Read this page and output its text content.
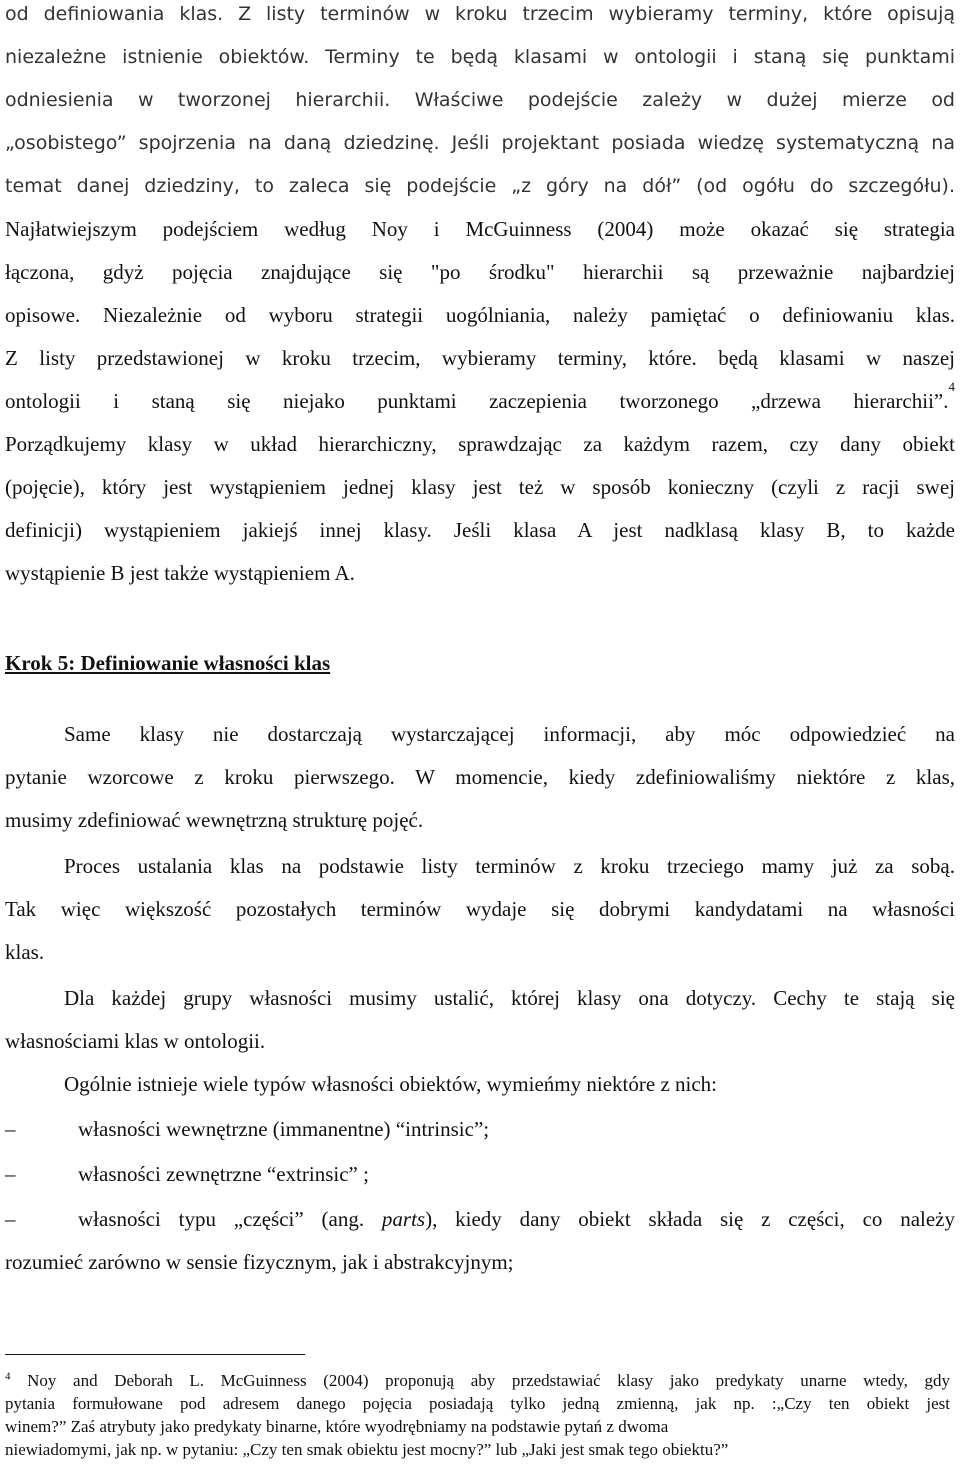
od definiowania klas. Z listy terminów w kroku trzecim wybieramy terminy, które opisują
niezależne istnienie obiektów. Terminy te będą klasami w ontologii i staną się punktami
odniesienia w tworzonej hierarchii. Właściwe podejście zależy w dużej mierze od
„osobistego” spojrzenia na daną dziedzinę. Jeśli projektant posiada wiedzę systematyczną na
temat danej dziedziny, to zaleca się podejście „z góry na dół” (od ogółu do szczegółu).
Najłatwiejszym podejściem według Noy i McGuinness (2004) może okazać się strategia
łączona, gdyż pojęcia znajdujące się "po środku" hierarchii są przeważnie najbardziej
opisowe. Niezależnie od wyboru strategii uogólniania, należy pamiętać o definiowaniu klas.
Z listy przedstawionej w kroku trzecim, wybieramy terminy, które. będą klasami w naszej
ontologii i staną się niejako punktami zaczepienia tworzonego „drzewa hierarchii”.
4
Porządkujemy klasy w układ hierarchiczny, sprawdzając za każdym razem, czy dany obiekt
(pojęcie), który jest wystąpieniem jednej klasy jest też w sposób konieczny (czyli z racji swej
definicji) wystąpieniem jakiejś innej klasy. Jeśli klasa A jest nadklasą klasy B, to każde
wystąpienie B jest także wystąpieniem A.
Krok 5: Definiowanie własności klas
Same klasy nie dostarczają wystarczającej informacji, aby móc odpowiedzieć na
pytanie wzorcowe z kroku pierwszego. W momencie, kiedy zdefiniowaliśmy niektóre z klas,
musimy zdefiniować wewnętrzną strukturę pojęć.
Proces ustalania klas na podstawie listy terminów z kroku trzeciego mamy już za sobą.
Tak więc większość pozostałych terminów wydaje się dobrymi kandydatami na własności
klas.
Dla każdej grupy własności musimy ustalić, której klasy ona dotyczy. Cechy te stają się
własnościami klas w ontologii.
Ogólnie istnieje wiele typów własności obiektów, wymieńmy niektóre z nich:
–	własności wewnętrzne (immanentne) “intrinsic”;
–	własności zewnętrzne “extrinsic” ;
–	własności typu „części” (ang. parts), kiedy dany obiekt składa się z części, co należy
rozumieć zarówno w sensie fizycznym, jak i abstrakcyjnym;
$^4$ Noy and Deborah L. McGuinness (2004) proponują aby przedstawiać klasy jako predykaty unarne wtedy, gdy
pytania formułowane pod adresem danego pojęcia posiadają tylko jedną zmienną, jak np. :„Czy ten obiekt jest
winem?” Zaś atrybuty jako predykaty binarne, które wyodrębniamy na podstawie pytań z dwoma
niewiadomymi, jak np. w pytaniu: „Czy ten smak obiektu jest mocny?” lub „Jaki jest smak tego obiektu?”
